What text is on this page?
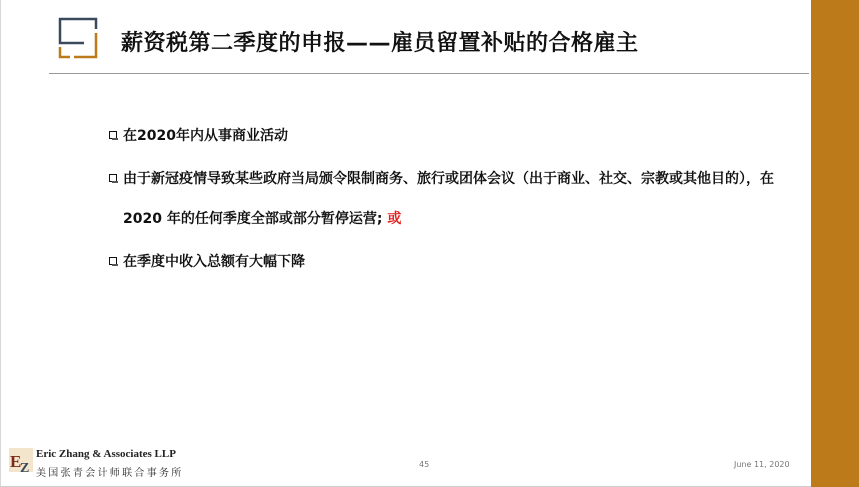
薪资税第二季度的申报——雇员留置补贴的合格雇主
在2020年内从事商业活动
由于新冠疫情导致某些政府当局颁令限制商务、旅行或团体会议（出于商业、社交、宗教或其他目的），在 2020 年的任何季度全部或部分暂停运营; 或
在季度中收入总额有大幅下降
E
Z

Eric Zhang & Associates LLP

美国张青会计师联合事务所

45	June 11, 2020
